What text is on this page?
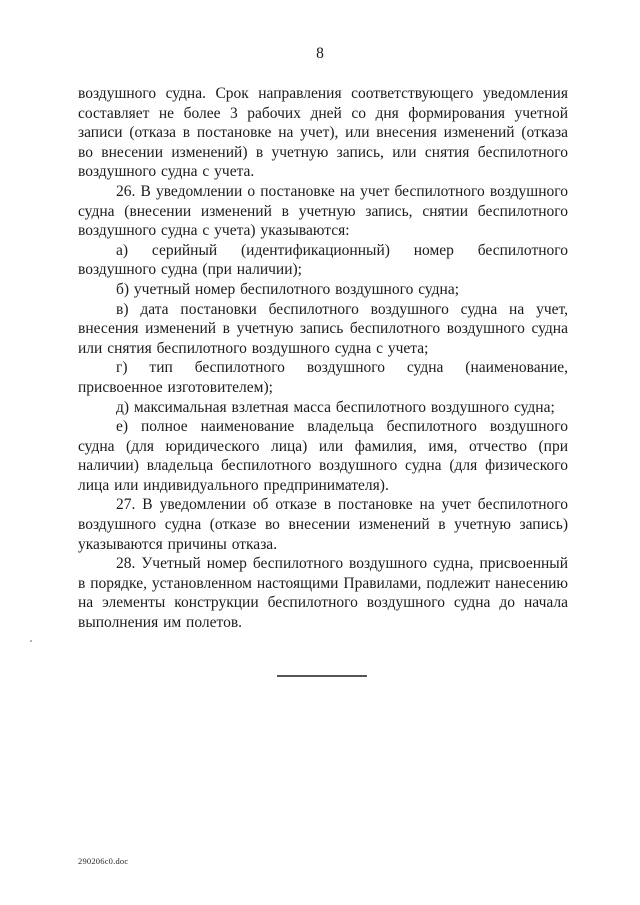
8

воздушного судна. Срок направления соответствующего уведомления составляет не более 3 рабочих дней со дня формирования учетной записи (отказа в постановке на учет), или внесения изменений (отказа во внесении изменений) в учетную запись, или снятия беспилотного воздушного судна с учета.

26. В уведомлении о постановке на учет беспилотного воздушного судна (внесении изменений в учетную запись, снятии беспилотного воздушного судна с учета) указываются:

а) серийный (идентификационный) номер беспилотного воздушного судна (при наличии);

б) учетный номер беспилотного воздушного судна;

в) дата постановки беспилотного воздушного судна на учет, внесения изменений в учетную запись беспилотного воздушного судна или снятия беспилотного воздушного судна с учета;

г) тип беспилотного воздушного судна (наименование, присвоенное изготовителем);

д) максимальная взлетная масса беспилотного воздушного судна;

е) полное наименование владельца беспилотного воздушного судна (для юридического лица) или фамилия, имя, отчество (при наличии) владельца беспилотного воздушного судна (для физического лица или индивидуального предпринимателя).

27. В уведомлении об отказе в постановке на учет беспилотного воздушного судна (отказе во внесении изменений в учетную запись) указываются причины отказа.

28. Учетный номер беспилотного воздушного судна, присвоенный в порядке, установленном настоящими Правилами, подлежит нанесению на элементы конструкции беспилотного воздушного судна до начала выполнения им полетов.

290206c0.doc
